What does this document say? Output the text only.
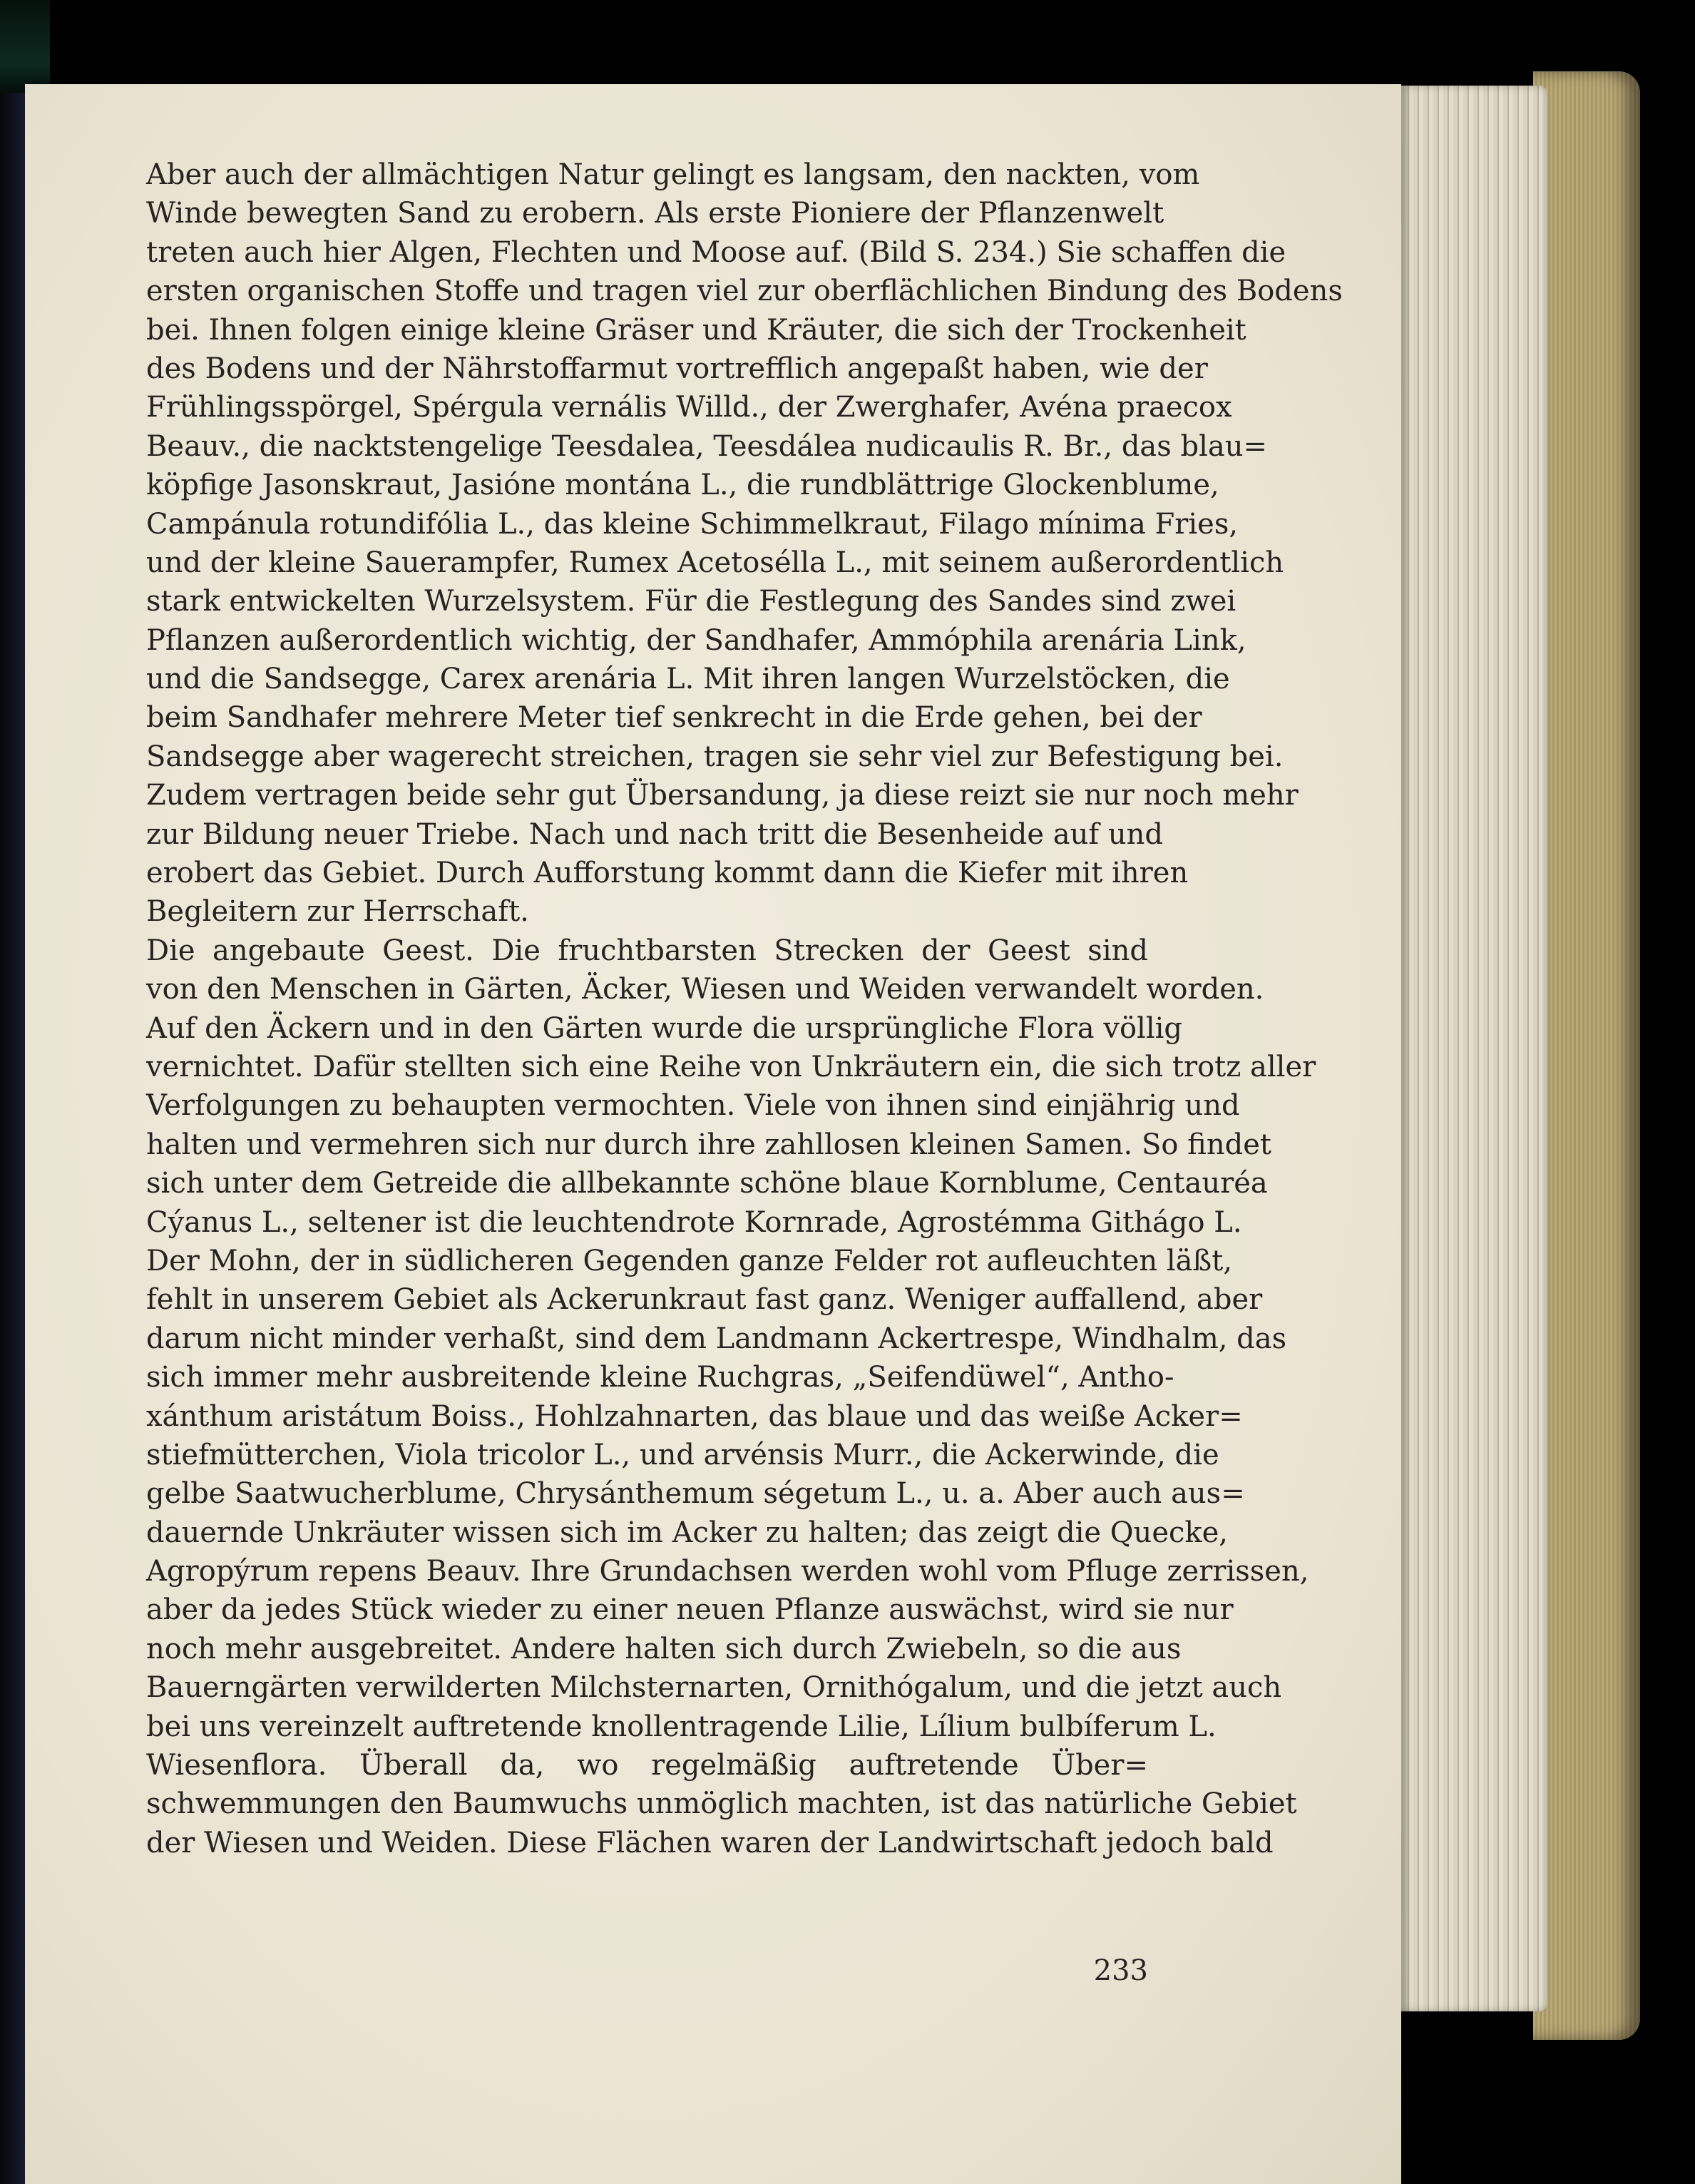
Aber auch der allmächtigen Natur gelingt es langsam, den nackten, vom
Winde bewegten Sand zu erobern. Als erste Pioniere der Pflanzenwelt
treten auch hier Algen, Flechten und Moose auf. (Bild S. 234.) Sie schaffen die
ersten organischen Stoffe und tragen viel zur oberflächlichen Bindung des Bodens
bei. Ihnen folgen einige kleine Gräser und Kräuter, die sich der Trockenheit
des Bodens und der Nährstoffarmut vortrefflich angepaßt haben, wie der
Frühlingsspörgel, Spérgula vernális Willd., der Zwerghafer, Avéna praecox
Beauv., die nacktstengelige Teesdalea, Teesdálea nudicaulis R. Br., das blau=
köpfige Jasonskraut, Jasióne montána L., die rundblättrige Glockenblume,
Campánula rotundifólia L., das kleine Schimmelkraut, Filago mínima Fries,
und der kleine Sauerampfer, Rumex Acetosélla L., mit seinem außerordentlich
stark entwickelten Wurzelsystem. Für die Festlegung des Sandes sind zwei
Pflanzen außerordentlich wichtig, der Sandhafer, Ammóphila arenária Link,
und die Sandsegge, Carex arenária L. Mit ihren langen Wurzelstöcken, die
beim Sandhafer mehrere Meter tief senkrecht in die Erde gehen, bei der
Sandsegge aber wagerecht streichen, tragen sie sehr viel zur Befestigung bei.
Zudem vertragen beide sehr gut Übersandung, ja diese reizt sie nur noch mehr
zur Bildung neuer Triebe. Nach und nach tritt die Besenheide auf und
erobert das Gebiet. Durch Aufforstung kommt dann die Kiefer mit ihren
Begleitern zur Herrschaft.
Die angebaute Geest. Die fruchtbarsten Strecken der Geest sind
von den Menschen in Gärten, Äcker, Wiesen und Weiden verwandelt worden.
Auf den Äckern und in den Gärten wurde die ursprüngliche Flora völlig
vernichtet. Dafür stellten sich eine Reihe von Unkräutern ein, die sich trotz aller
Verfolgungen zu behaupten vermochten. Viele von ihnen sind einjährig und
halten und vermehren sich nur durch ihre zahllosen kleinen Samen. So findet
sich unter dem Getreide die allbekannte schöne blaue Kornblume, Centauréa
Cýanus L., seltener ist die leuchtendrote Kornrade, Agrostémma Githágo L.
Der Mohn, der in südlicheren Gegenden ganze Felder rot aufleuchten läßt,
fehlt in unserem Gebiet als Ackerunkraut fast ganz. Weniger auffallend, aber
darum nicht minder verhaßt, sind dem Landmann Ackertrespe, Windhalm, das
sich immer mehr ausbreitende kleine Ruchgras, „Seifendüwel“, Antho-
xánthum aristátum Boiss., Hohlzahnarten, das blaue und das weiße Acker=
stiefmütterchen, Viola tricolor L., und arvénsis Murr., die Ackerwinde, die
gelbe Saatwucherblume, Chrysánthemum ségetum L., u. a. Aber auch aus=
dauernde Unkräuter wissen sich im Acker zu halten; das zeigt die Quecke,
Agropýrum repens Beauv. Ihre Grundachsen werden wohl vom Pfluge zerrissen,
aber da jedes Stück wieder zu einer neuen Pflanze auswächst, wird sie nur
noch mehr ausgebreitet. Andere halten sich durch Zwiebeln, so die aus
Bauerngärten verwilderten Milchsternarten, Ornithógalum, und die jetzt auch
bei uns vereinzelt auftretende knollentragende Lilie, Lílium bulbíferum L.
Wiesenflora. Überall da, wo regelmäßig auftretende Über=
schwemmungen den Baumwuchs unmöglich machten, ist das natürliche Gebiet
der Wiesen und Weiden. Diese Flächen waren der Landwirtschaft jedoch bald
233
